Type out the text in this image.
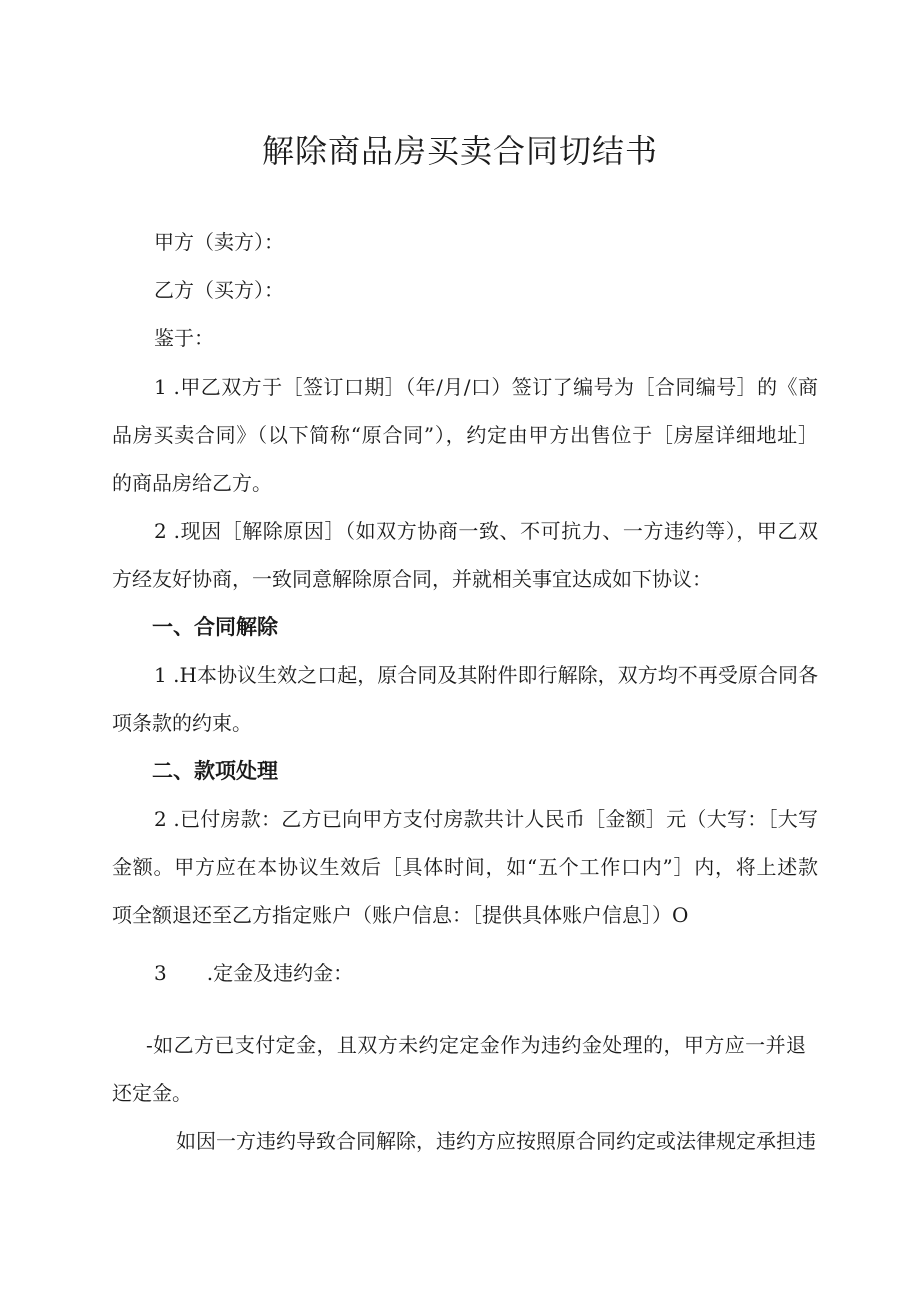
解除商品房买卖合同切结书

甲方（卖方）：

乙方（买方）：

鉴于：

1 .甲乙双方于［签订口期］（年/月/口）签订了编号为［合同编号］的《商

品房买卖合同》（以下简称“原合同”），约定由甲方出售位于［房屋详细地址］

的商品房给乙方。

2 .现因［解除原因］（如双方协商一致、不可抗力、一方违约等），甲乙双

方经友好协商，一致同意解除原合同，并就相关事宜达成如下协议：

一、合同解除

1 .H本协议生效之口起，原合同及其附件即行解除，双方均不再受原合同各

项条款的约束。

二、款项处理

2 .已付房款：乙方已向甲方支付房款共计人民币［金额］元（大写：［大写

金额。甲方应在本协议生效后［具体时间，如“五个工作口内”］内，将上述款

项全额退还至乙方指定账户（账户信息：［提供具体账户信息］）O

3 .定金及违约金：

-如乙方已支付定金，且双方未约定定金作为违约金处理的，甲方应一并退

还定金。

如因一方违约导致合同解除，违约方应按照原合同约定或法律规定承担违
